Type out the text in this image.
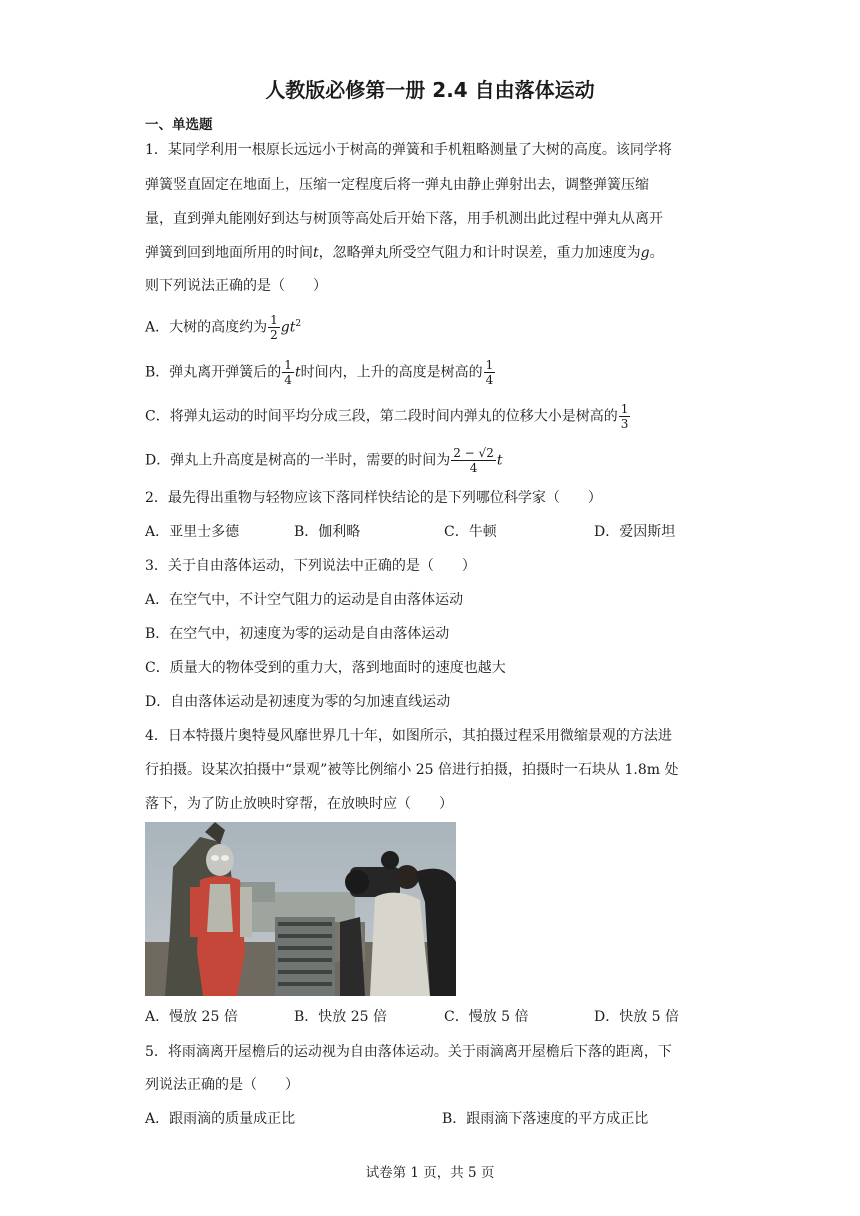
人教版必修第一册 2.4 自由落体运动
一、单选题
1．某同学利用一根原长远远小于树高的弹簧和手机粗略测量了大树的高度。该同学将
弹簧竖直固定在地面上，压缩一定程度后将一弹丸由静止弹射出去，调整弹簧压缩
量，直到弹丸能刚好到达与树顶等高处后开始下落，用手机测出此过程中弹丸从离开
弹簧到回到地面所用的时间t，忽略弹丸所受空气阻力和计时误差，重力加速度为g。
则下列说法正确的是（　　）
A．大树的高度约为 $\frac{1}{2} gt^2$
B．弹丸离开弹簧后的 $\frac{1}{4}$ t时间内，上升的高度是树高的 $\frac{1}{4}$
C．将弹丸运动的时间平均分成三段，第二段时间内弹丸的位移大小是树高的 $\frac{1}{3}$
D．弹丸上升高度是树高的一半时，需要的时间为 $\frac{2 - √2}{4}$ t
2．最先得出重物与轻物应该下落同样快结论的是下列哪位科学家（　　）
A．亚里士多德	B．伽利略	C．牛顿	D．爱因斯坦
3．关于自由落体运动，下列说法中正确的是（　　）
A．在空气中，不计空气阻力的运动是自由落体运动
B．在空气中，初速度为零的运动是自由落体运动
C．质量大的物体受到的重力大，落到地面时的速度也越大
D．自由落体运动是初速度为零的匀加速直线运动
4．日本特摄片奥特曼风靡世界几十年，如图所示，其拍摄过程采用微缩景观的方法进
行拍摄。设某次拍摄中“景观”被等比例缩小 25 倍进行拍摄，拍摄时一石块从 1.8m 处
落下，为了防止放映时穿帮，在放映时应（　　）
A．慢放 25 倍	B．快放 25 倍	C．慢放 5 倍	D．快放 5 倍
5．将雨滴离开屋檐后的运动视为自由落体运动。关于雨滴离开屋檐后下落的距离，下
列说法正确的是（　　）
A．跟雨滴的质量成正比	B．跟雨滴下落速度的平方成正比
试卷第 1 页，共 5 页
